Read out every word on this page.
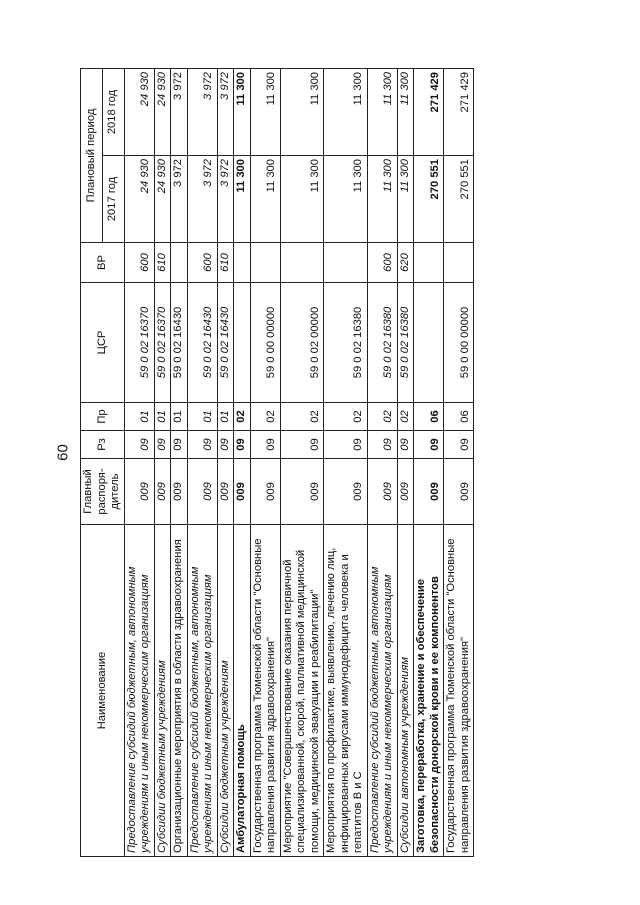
60
Наименование	Главный распоря-дитель	Рз	Пр	ЦСР	ВР	Плановый период	
						2017 год	2018 год
Предоставление субсидий бюджетным, автономным учреждениям и иным некоммерческим организациям	009	09	01	59 0 02 16370	600	24 930	24 930
Субсидии бюджетным учреждениям	009	09	01	59 0 02 16370	610	24 930	24 930
Организационные мероприятия в области здравоохранения	009	09	01	59 0 02 16430		3 972	3 972
Предоставление субсидий бюджетным, автономным учреждениям и иным некоммерческим организациям	009	09	01	59 0 02 16430	600	3 972	3 972
Субсидии бюджетным учреждениям	009	09	01	59 0 02 16430	610	3 972	3 972
Амбулаторная помощь	009	09	02			11 300	11 300
Государственная программа Тюменской области "Основные направления развития здравоохранения"	009	09	02	59 0 00 00000		11 300	11 300
Мероприятие "Совершенствование оказания первичной специализированной, скорой, паллиативной медицинской помощи, медицинской эвакуации и реабилитации"	009	09	02	59 0 02 00000		11 300	11 300
Мероприятия по профилактике, выявлению, лечению лиц, инфицированных вирусами иммунодефицита человека и гепатитов В и С	009	09	02	59 0 02 16380		11 300	11 300
Предоставление субсидий бюджетным, автономным учреждениям и иным некоммерческим организациям	009	09	02	59 0 02 16380	600	11 300	11 300
Субсидии автономным учреждениям	009	09	02	59 0 02 16380	620	11 300	11 300
Заготовка, переработка, хранение и обеспечение безопасности донорской крови и ее компонентов	009	09	06			270 551	271 429
Государственная программа Тюменской области "Основные направления развития здравоохранения"	009	09	06	59 0 00 00000		270 551	271 429
